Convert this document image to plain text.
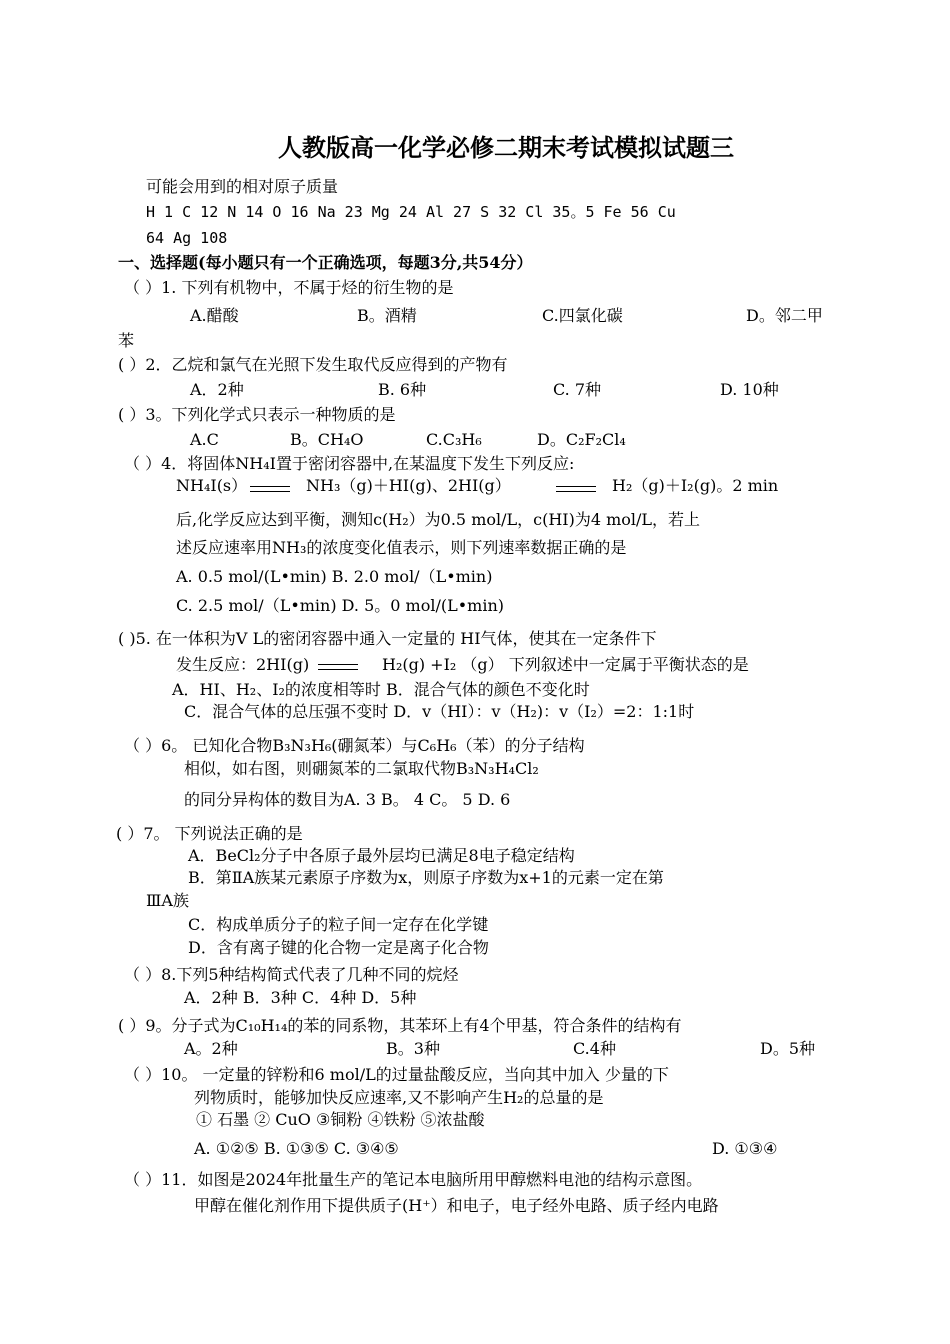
人教版高一化学必修二期末考试模拟试题三
可能会用到的相对原子质量
H 1 C 12 N 14 O 16 Na 23 Mg 24 Al 27 S 32 Cl 35。5 Fe 56 Cu
64 Ag 108
一、选择题(每小题只有一个正确选项，每题3分,共54分）
（ ）1. 下列有机物中，不属于烃的衍生物的是
A.醋酸	B。酒精	C.四氯化碳	D。邻二甲
苯
( ）2．乙烷和氯气在光照下发生取代反应得到的产物有
A．2种	B. 6种	C. 7种	D. 10种
( ）3。下列化学式只表示一种物质的是
A.C	B。CH₄O	C.C₃H₆	D。C₂F₂Cl₄
（ ）4．将固体NH₄I置于密闭容器中,在某温度下发生下列反应:
NH₄I(s）	NH₃（g)＋HI(g)、2HI(g）	H₂（g)＋I₂(g)。2 min
后,化学反应达到平衡，测知c(H₂）为0.5 mol/L，c(HI)为4 mol/L，若上
述反应速率用NH₃的浓度变化值表示，则下列速率数据正确的是
A. 0.5 mol/(L•min) B. 2.0 mol/（L•min)
C. 2.5 mol/（L•min) D. 5。0 mol/(L•min)
( )5. 在一体积为V L的密闭容器中通入一定量的 HI气体，使其在一定条件下
发生反应：2HI(g)	H₂(g) +I₂ （g） 下列叙述中一定属于平衡状态的是
A．HI、H₂、I₂的浓度相等时 B．混合气体的颜色不变化时
C．混合气体的总压强不变时 D．v（HI）：v（H₂)：v（I₂）=2：1:1时
（ ）6。 已知化合物B₃N₃H₆(硼氮苯）与C₆H₆（苯）的分子结构
相似，如右图，则硼氮苯的二氯取代物B₃N₃H₄Cl₂
的同分异构体的数目为A. 3 B。 4 C。 5 D. 6
( ）7。 下列说法正确的是
A．BeCl₂分子中各原子最外层均已满足8电子稳定结构
B．第ⅡA族某元素原子序数为x，则原子序数为x+1的元素一定在第
ⅢA族
C．构成单质分子的粒子间一定存在化学键
D．含有离子键的化合物一定是离子化合物
（ ）8.下列5种结构简式代表了几种不同的烷烃
A．2种 B．3种 C．4种 D．5种
( ）9。分子式为C₁₀H₁₄的苯的同系物，其苯环上有4个甲基，符合条件的结构有
A。2种	B。3种	C.4种	D。5种
（ ）10。 一定量的锌粉和6 mol/L的过量盐酸反应，当向其中加入 少量的下
列物质时，能够加快反应速率,又不影响产生H₂的总量的是
① 石墨 ② CuO ③铜粉 ④铁粉 ⑤浓盐酸
A. ①②⑤ B. ①③⑤ C. ③④⑤	D. ①③④
（ ）11．如图是2024年批量生产的笔记本电脑所用甲醇燃料电池的结构示意图。
甲醇在催化剂作用下提供质子(H⁺）和电子，电子经外电路、质子经内电路
